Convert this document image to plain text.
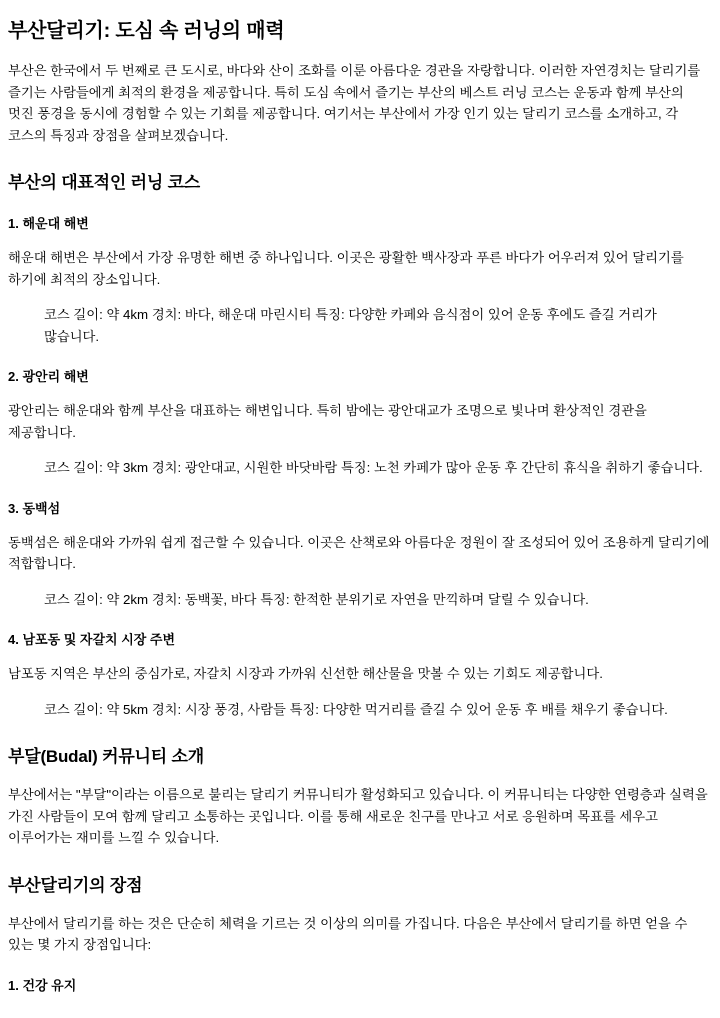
부산달리기: 도심 속 러닝의 매력

부산은 한국에서 두 번째로 큰 도시로, 바다와 산이 조화를 이룬 아름다운 경관을 자랑합니다. 이러한 자연경치는 달리기를 즐기는 사람들에게 최적의 환경을 제공합니다. 특히 도심 속에서 즐기는 부산의 베스트 러닝 코스는 운동과 함께 부산의 멋진 풍경을 동시에 경험할 수 있는 기회를 제공합니다. 여기서는 부산에서 가장 인기 있는 달리기 코스를 소개하고, 각 코스의 특징과 장점을 살펴보겠습니다.

부산의 대표적인 러닝 코스
1. 해운대 해변

해운대 해변은 부산에서 가장 유명한 해변 중 하나입니다. 이곳은 광활한 백사장과 푸른 바다가 어우러져 있어 달리기를 하기에 최적의 장소입니다.

코스 길이: 약 4km 경치: 바다, 해운대 마린시티 특징: 다양한 카페와 음식점이 있어 운동 후에도 즐길 거리가 많습니다.
2. 광안리 해변

광안리는 해운대와 함께 부산을 대표하는 해변입니다. 특히 밤에는 광안대교가 조명으로 빛나며 환상적인 경관을 제공합니다.

코스 길이: 약 3km 경치: 광안대교, 시원한 바닷바람 특징: 노천 카페가 많아 운동 후 간단히 휴식을 취하기 좋습니다.
3. 동백섬

동백섬은 해운대와 가까워 쉽게 접근할 수 있습니다. 이곳은 산책로와 아름다운 정원이 잘 조성되어 있어 조용하게 달리기에 적합합니다.

코스 길이: 약 2km 경치: 동백꽃, 바다 특징: 한적한 분위기로 자연을 만끽하며 달릴 수 있습니다.
4. 남포동 및 자갈치 시장 주변

남포동 지역은 부산의 중심가로, 자갈치 시장과 가까워 신선한 해산물을 맛볼 수 있는 기회도 제공합니다.

코스 길이: 약 5km 경치: 시장 풍경, 사람들 특징: 다양한 먹거리를 즐길 수 있어 운동 후 배를 채우기 좋습니다.
부달(Budal) 커뮤니티 소개

부산에서는 "부달"이라는 이름으로 불리는 달리기 커뮤니티가 활성화되고 있습니다. 이 커뮤니티는 다양한 연령층과 실력을 가진 사람들이 모여 함께 달리고 소통하는 곳입니다. 이를 통해 새로운 친구를 만나고 서로 응원하며 목표를 세우고 이루어가는 재미를 느낄 수 있습니다.

부산달리기의 장점

부산에서 달리기를 하는 것은 단순히 체력을 기르는 것 이상의 의미를 가집니다. 다음은 부산에서 달리기를 하면 얻을 수 있는 몇 가지 장점입니다:

1. 건강 유지
